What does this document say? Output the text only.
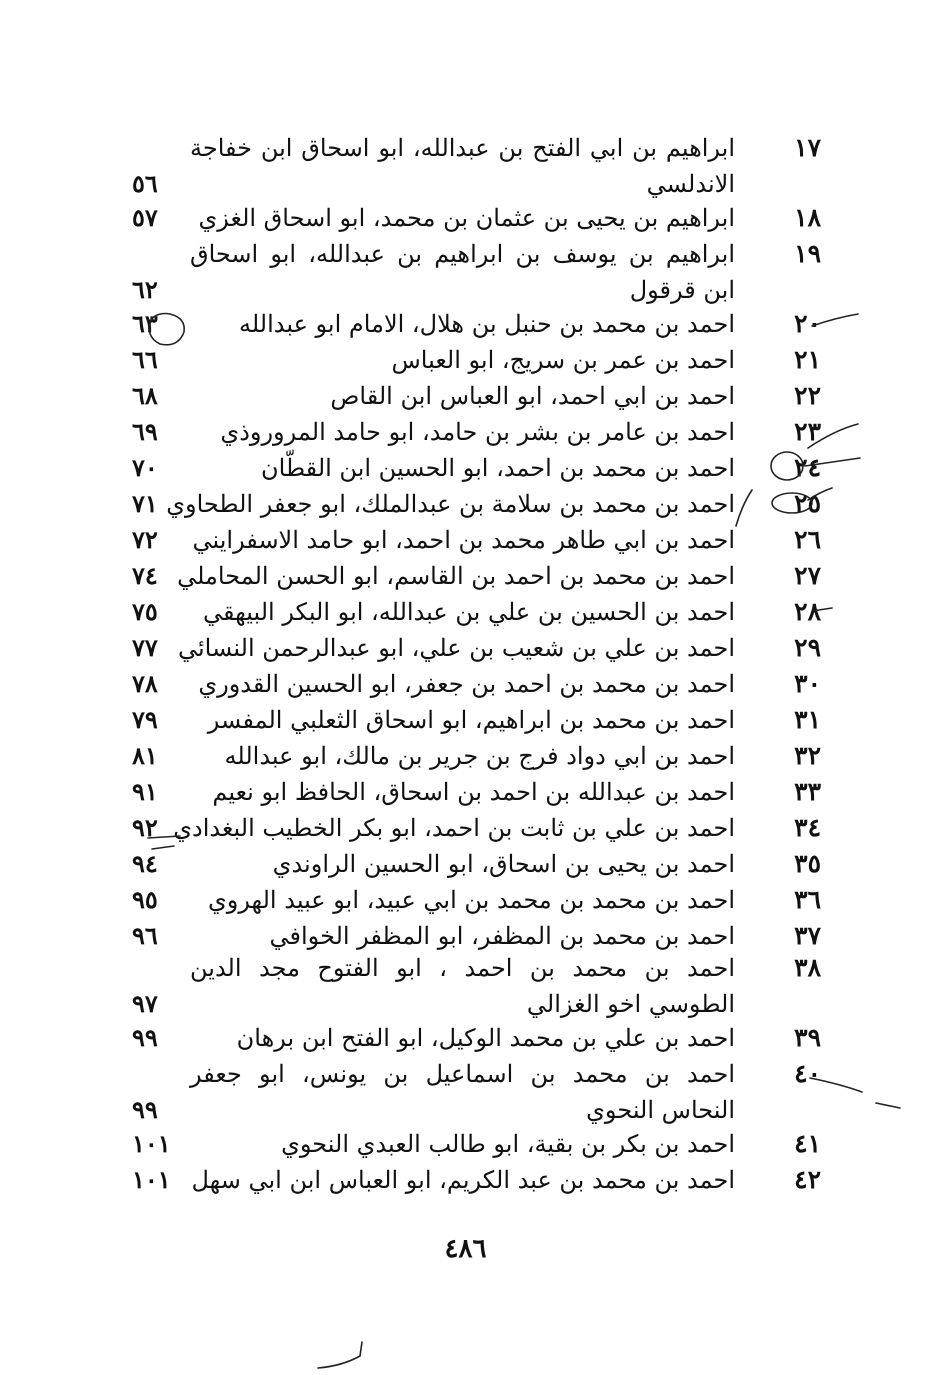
١٧
ابراهيم بن ابي الفتح بن عبدالله، ابو اسحاق ابن خفاجة الاندلسي
٥٦
١٨
ابراهيم بن يحيى بن عثمان بن محمد، ابو اسحاق الغزي
٥٧
١٩
ابراهيم بن يوسف بن ابراهيم بن عبدالله، ابو اسحاق ابن قرقول
٦٢
٢٠
احمد بن محمد بن حنبل بن هلال، الامام ابو عبدالله
٦٣
٢١
احمد بن عمر بن سريج، ابو العباس
٦٦
٢٢
احمد بن ابي احمد، ابو العباس ابن القاص
٦٨
٢٣
احمد بن عامر بن بشر بن حامد، ابو حامد المروروذي
٦٩
٢٤
احمد بن محمد بن احمد، ابو الحسين ابن القطّان
٧٠
٢٥
احمد بن محمد بن سلامة بن عبدالملك، ابو جعفر الطحاوي
٧١
٢٦
احمد بن ابي طاهر محمد بن احمد، ابو حامد الاسفرايني
٧٢
٢٧
احمد بن محمد بن احمد بن القاسم، ابو الحسن المحاملي
٧٤
٢٨
احمد بن الحسين بن علي بن عبدالله، ابو البكر البيهقي
٧٥
٢٩
احمد بن علي بن شعيب بن علي، ابو عبدالرحمن النسائي
٧٧
٣٠
احمد بن محمد بن احمد بن جعفر، ابو الحسين القدوري
٧٨
٣١
احمد بن محمد بن ابراهيم، ابو اسحاق الثعلبي المفسر
٧٩
٣٢
احمد بن ابي دواد فرج بن جرير بن مالك، ابو عبدالله
٨١
٣٣
احمد بن عبدالله بن احمد بن اسحاق، الحافظ ابو نعيم
٩١
٣٤
احمد بن علي بن ثابت بن احمد، ابو بكر الخطيب البغدادي
٩٢
٣٥
احمد بن يحيى بن اسحاق، ابو الحسين الراوندي
٩٤
٣٦
احمد بن محمد بن محمد بن ابي عبيد، ابو عبيد الهروي
٩٥
٣٧
احمد بن محمد بن المظفر، ابو المظفر الخوافي
٩٦
٣٨
احمد بن محمد بن احمد ، ابو الفتوح مجد الدين الطوسي اخو الغزالي
٩٧
٣٩
احمد بن علي بن محمد الوكيل، ابو الفتح ابن برهان
٩٩
٤٠
احمد بن محمد بن اسماعيل بن يونس، ابو جعفر النحاس النحوي
٩٩
٤١
احمد بن بكر بن بقية، ابو طالب العبدي النحوي
١٠١
٤٢
احمد بن محمد بن عبد الكريم، ابو العباس ابن ابي سهل
١٠١
٤٨٦
